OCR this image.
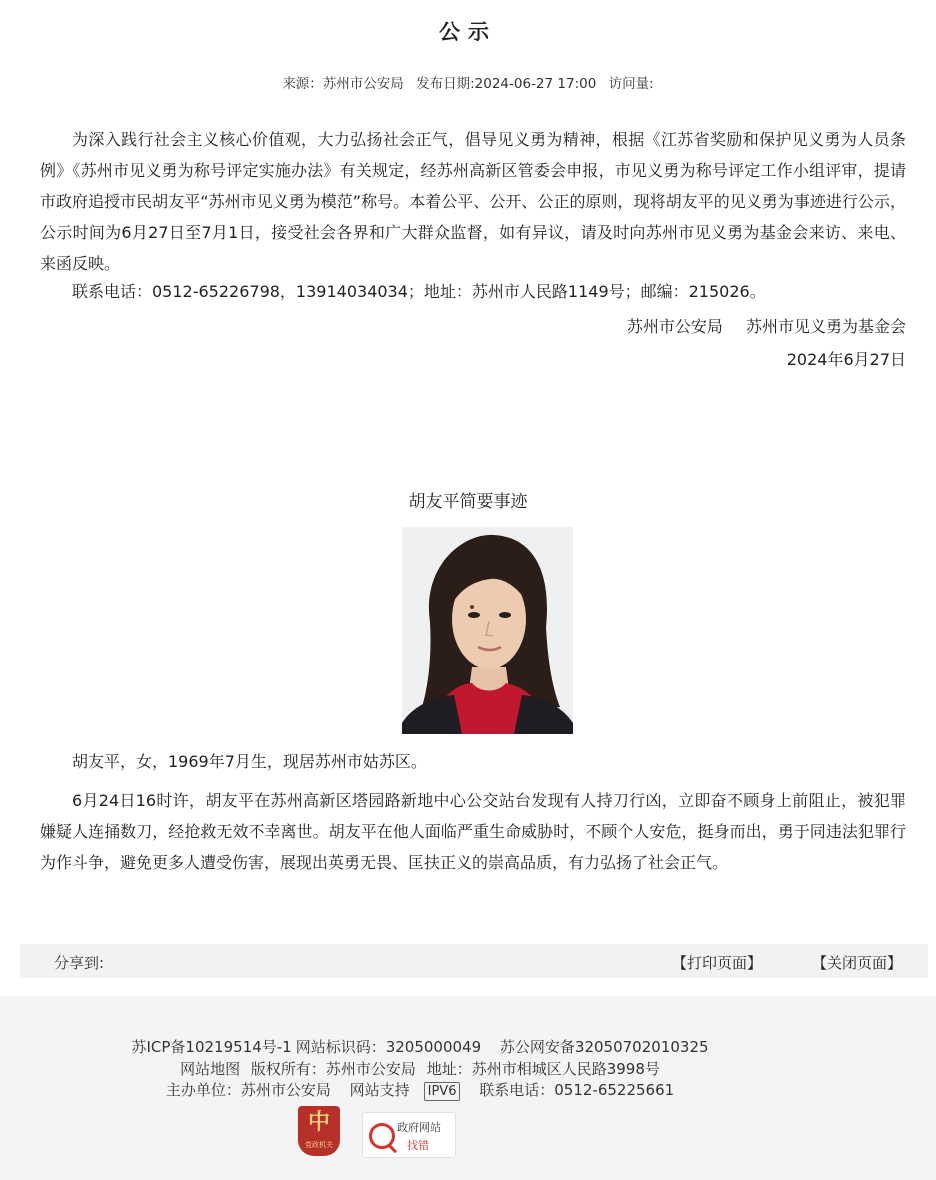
公示
来源：苏州市公安局 发布日期:2024-06-27 17:00 访问量:
为深入践行社会主义核心价值观，大力弘扬社会正气，倡导见义勇为精神，根据《江苏省奖励和保护见义勇为人员条例》《苏州市见义勇为称号评定实施办法》有关规定，经苏州高新区管委会申报，市见义勇为称号评定工作小组评审，提请市政府追授市民胡友平“苏州市见义勇为模范”称号。本着公平、公开、公正的原则，现将胡友平的见义勇为事迹进行公示，公示时间为6月27日至7月1日，接受社会各界和广大群众监督，如有异议，请及时向苏州市见义勇为基金会来访、来电、来函反映。
联系电话：0512-65226798，13914034034；地址：苏州市人民路1149号；邮编：215026。
苏州市公安局 苏州市见义勇为基金会
2024年6月27日
胡友平简要事迹
胡友平，女，1969年7月生，现居苏州市姑苏区。
6月24日16时许，胡友平在苏州高新区塔园路新地中心公交站台发现有人持刀行凶，立即奋不顾身上前阻止，被犯罪嫌疑人连捅数刀，经抢救无效不幸离世。胡友平在他人面临严重生命威胁时，不顾个人安危，挺身而出，勇于同违法犯罪行为作斗争，避免更多人遭受伤害，展现出英勇无畏、匡扶正义的崇高品质，有力弘扬了社会正气。
分享到:	【打印页面】	【关闭页面】
苏ICP备10219514号-1 网站标识码：3205000049 苏公网安备32050702010325
网站地图 版权所有：苏州市公安局 地址：苏州市相城区人民路3998号
主办单位：苏州市公安局 网站支持 IPV6 联系电话：0512-65225661
中
党政机关
政府网站
找错
